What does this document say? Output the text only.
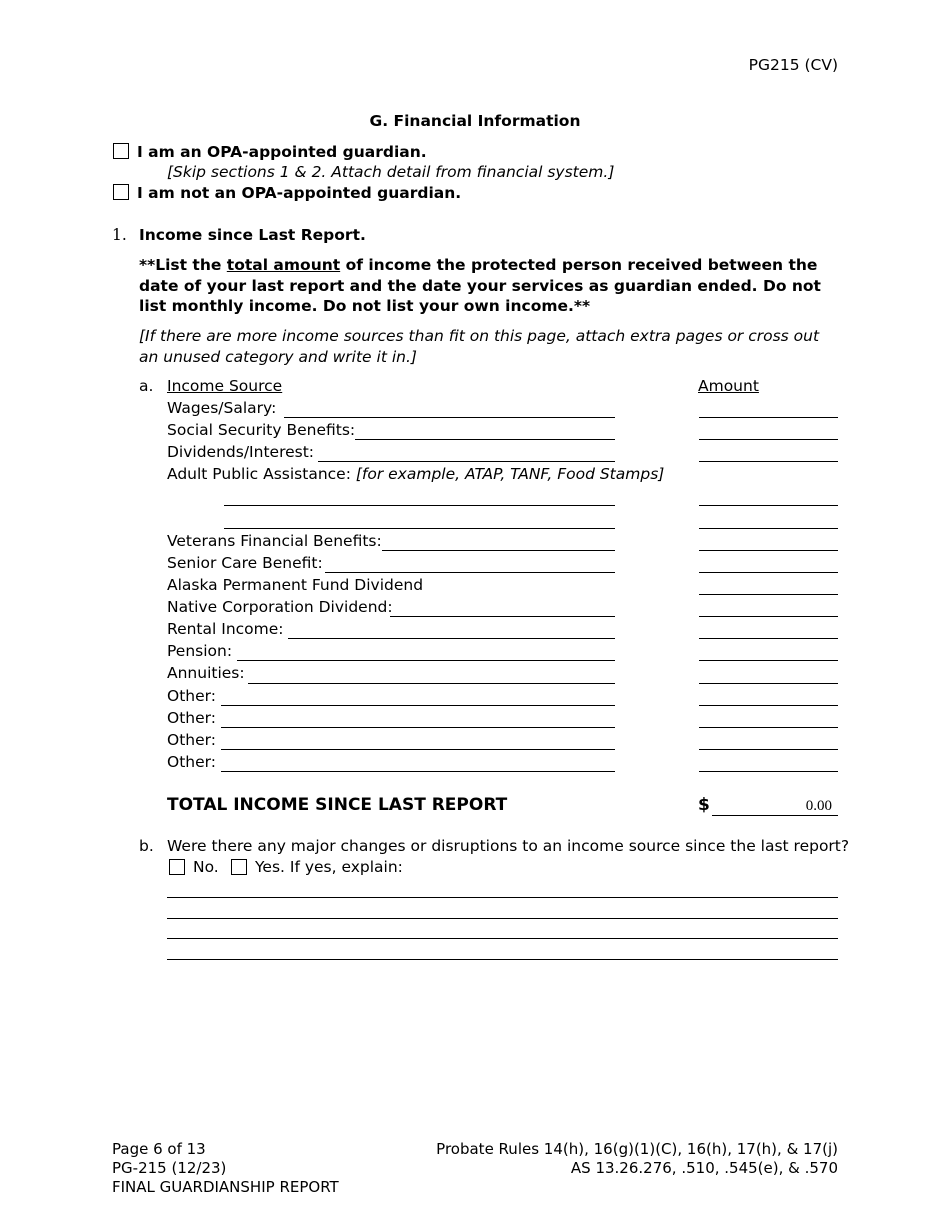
PG215 (CV)
G. Financial Information
I am an OPA-appointed guardian.
[Skip sections 1 & 2. Attach detail from financial system.]
I am not an OPA-appointed guardian.
1. Income since Last Report.
**List the total amount of income the protected person received between the date of your last report and the date your services as guardian ended. Do not list monthly income. Do not list your own income.**
[If there are more income sources than fit on this page, attach extra pages or cross out an unused category and write it in.]
a. Income Source	Amount
Wages/Salary:
Social Security Benefits:
Dividends/Interest:
Adult Public Assistance: [for example, ATAP, TANF, Food Stamps]
Veterans Financial Benefits:
Senior Care Benefit:
Alaska Permanent Fund Dividend
Native Corporation Dividend:
Rental Income:
Pension:
Annuities:
Other:
Other:
Other:
Other:
TOTAL INCOME SINCE LAST REPORT	$	0.00
b. Were there any major changes or disruptions to an income source since the last report?
No. Yes. If yes, explain:
Page 6 of 13
PG-215 (12/23)
FINAL GUARDIANSHIP REPORT
Probate Rules 14(h), 16(g)(1)(C), 16(h), 17(h), & 17(j)
AS 13.26.276, .510, .545(e), & .570
